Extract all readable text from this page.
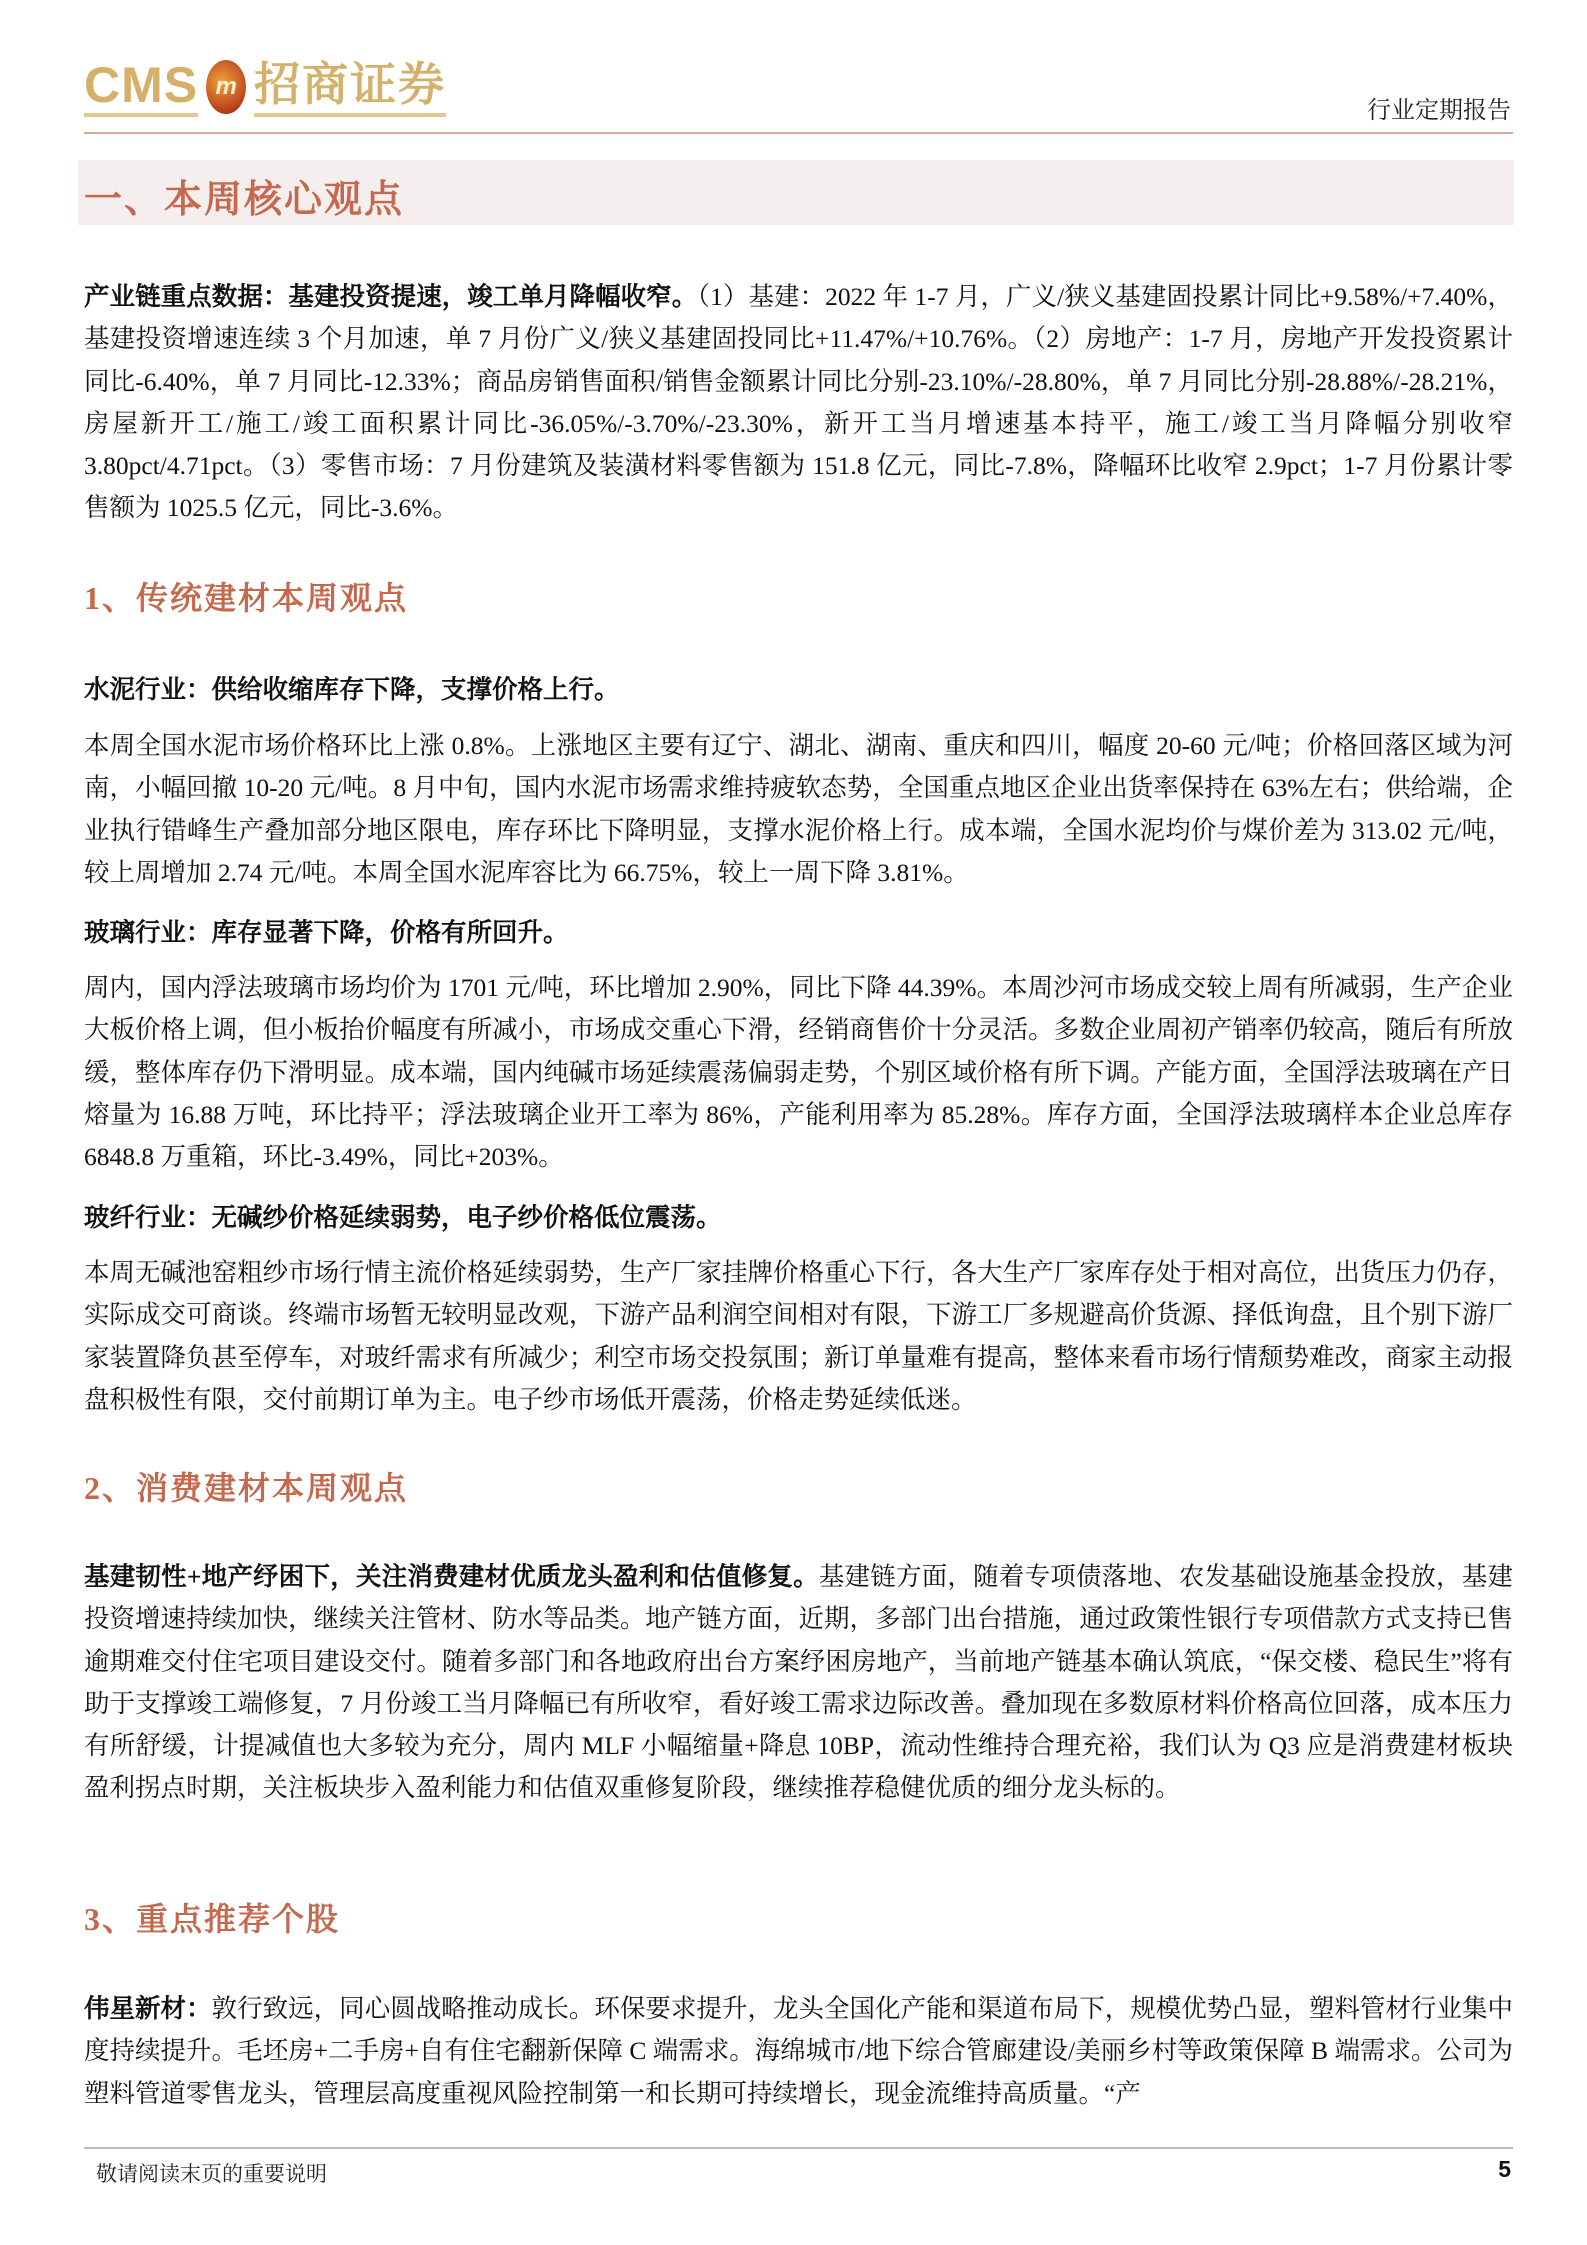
CMS m 招商证券
行业定期报告
一、本周核心观点
产业链重点数据：基建投资提速，竣工单月降幅收窄。（1）基建：2022 年 1-7 月，广义/狭义基建固投累计同比+9.58%/+7.40%，基建投资增速连续 3 个月加速，单 7 月份广义/狭义基建固投同比+11.47%/+10.76%。（2）房地产：1-7 月，房地产开发投资累计同比-6.40%，单 7 月同比-12.33%；商品房销售面积/销售金额累计同比分别-23.10%/-28.80%，单 7 月同比分别-28.88%/-28.21%，房屋新开工/施工/竣工面积累计同比-36.05%/-3.70%/-23.30%，新开工当月增速基本持平，施工/竣工当月降幅分别收窄 3.80pct/4.71pct。（3）零售市场：7 月份建筑及装潢材料零售额为 151.8 亿元，同比-7.8%，降幅环比收窄 2.9pct；1-7 月份累计零售额为 1025.5 亿元，同比-3.6%。
1、传统建材本周观点
水泥行业：供给收缩库存下降，支撑价格上行。
本周全国水泥市场价格环比上涨 0.8%。上涨地区主要有辽宁、湖北、湖南、重庆和四川，幅度 20-60 元/吨；价格回落区域为河南，小幅回撤 10-20 元/吨。8 月中旬，国内水泥市场需求维持疲软态势，全国重点地区企业出货率保持在 63%左右；供给端，企业执行错峰生产叠加部分地区限电，库存环比下降明显，支撑水泥价格上行。成本端，全国水泥均价与煤价差为 313.02 元/吨，较上周增加 2.74 元/吨。本周全国水泥库容比为 66.75%，较上一周下降 3.81%。
玻璃行业：库存显著下降，价格有所回升。
周内，国内浮法玻璃市场均价为 1701 元/吨，环比增加 2.90%，同比下降 44.39%。本周沙河市场成交较上周有所减弱，生产企业大板价格上调，但小板抬价幅度有所减小，市场成交重心下滑，经销商售价十分灵活。多数企业周初产销率仍较高，随后有所放缓，整体库存仍下滑明显。成本端，国内纯碱市场延续震荡偏弱走势，个别区域价格有所下调。产能方面，全国浮法玻璃在产日熔量为 16.88 万吨，环比持平；浮法玻璃企业开工率为 86%，产能利用率为 85.28%。库存方面，全国浮法玻璃样本企业总库存 6848.8 万重箱，环比-3.49%，同比+203%。
玻纤行业：无碱纱价格延续弱势，电子纱价格低位震荡。
本周无碱池窑粗纱市场行情主流价格延续弱势，生产厂家挂牌价格重心下行，各大生产厂家库存处于相对高位，出货压力仍存，实际成交可商谈。终端市场暂无较明显改观，下游产品利润空间相对有限，下游工厂多规避高价货源、择低询盘，且个别下游厂家装置降负甚至停车，对玻纤需求有所减少；利空市场交投氛围；新订单量难有提高，整体来看市场行情颓势难改，商家主动报盘积极性有限，交付前期订单为主。电子纱市场低开震荡，价格走势延续低迷。
2、消费建材本周观点
基建韧性+地产纾困下，关注消费建材优质龙头盈利和估值修复。基建链方面，随着专项债落地、农发基础设施基金投放，基建投资增速持续加快，继续关注管材、防水等品类。地产链方面，近期，多部门出台措施，通过政策性银行专项借款方式支持已售逾期难交付住宅项目建设交付。随着多部门和各地政府出台方案纾困房地产，当前地产链基本确认筑底，“保交楼、稳民生”将有助于支撑竣工端修复，7 月份竣工当月降幅已有所收窄，看好竣工需求边际改善。叠加现在多数原材料价格高位回落，成本压力有所舒缓，计提减值也大多较为充分，周内 MLF 小幅缩量+降息 10BP，流动性维持合理充裕，我们认为 Q3 应是消费建材板块盈利拐点时期，关注板块步入盈利能力和估值双重修复阶段，继续推荐稳健优质的细分龙头标的。
3、重点推荐个股
伟星新材：敦行致远，同心圆战略推动成长。环保要求提升，龙头全国化产能和渠道布局下，规模优势凸显，塑料管材行业集中度持续提升。毛坯房+二手房+自有住宅翻新保障 C 端需求。海绵城市/地下综合管廊建设/美丽乡村等政策保障 B 端需求。公司为塑料管道零售龙头，管理层高度重视风险控制第一和长期可持续增长，现金流维持高质量。“产
敬请阅读末页的重要说明	5
